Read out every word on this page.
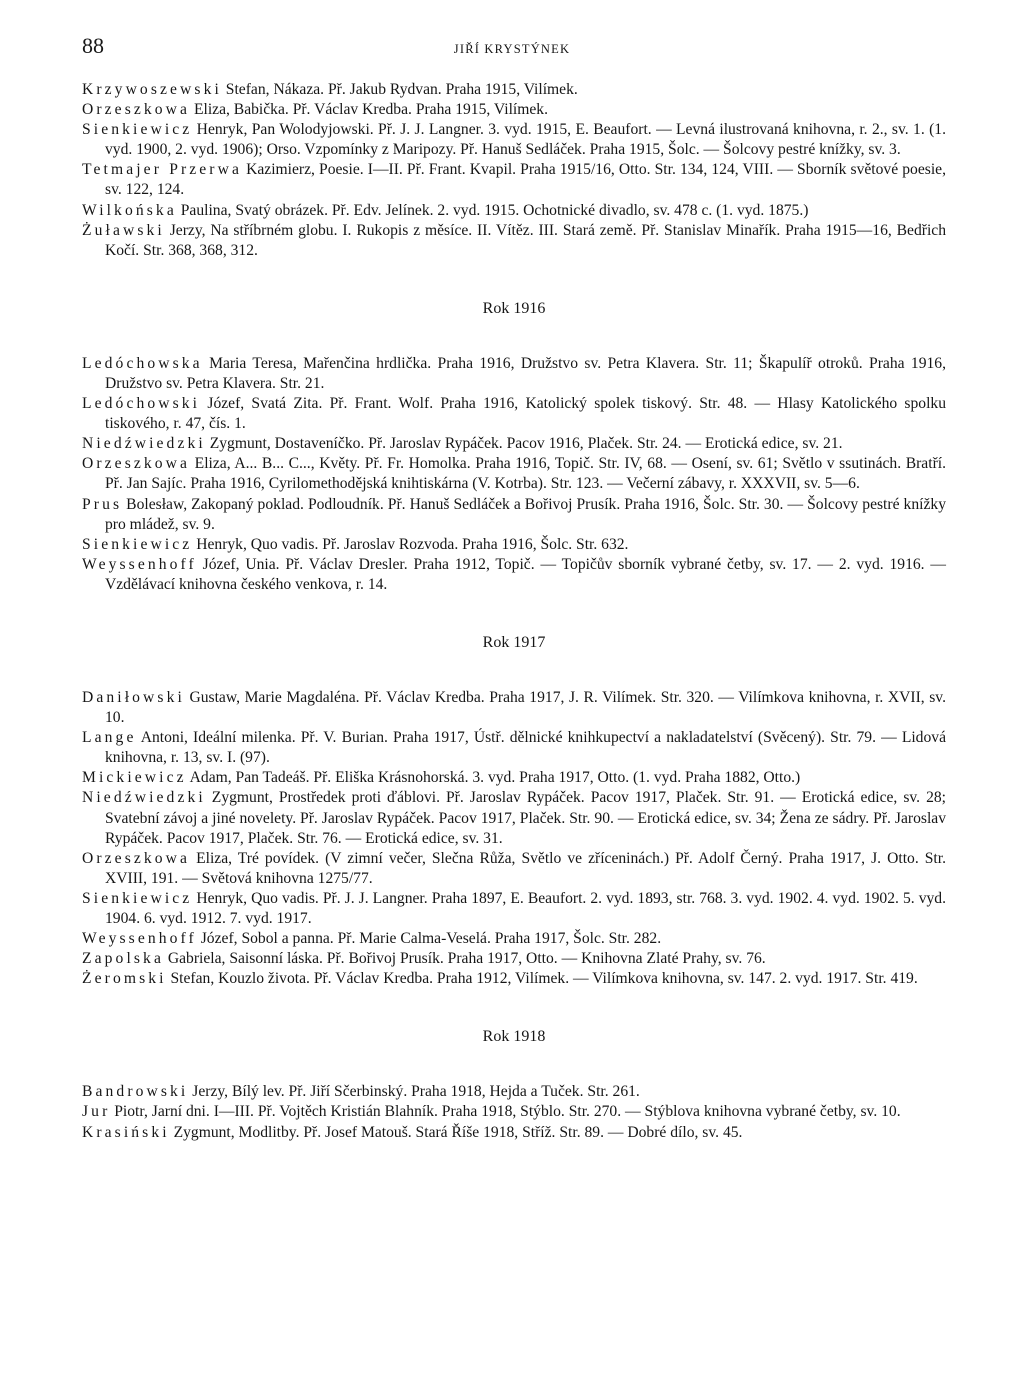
88	JIŘÍ KRYSTÝNEK

Krzywoszewski Stefan, Nákaza. Př. Jakub Rydvan. Praha 1915, Vilímek.

Orzeszkowa Eliza, Babička. Př. Václav Kredba. Praha 1915, Vilímek.

Sienkiewicz Henryk, Pan Wolodyjowski. Př. J. J. Langner. 3. vyd. 1915, E. Beaufort. — Levná ilustrovaná knihovna, r. 2., sv. 1. (1. vyd. 1900, 2. vyd. 1906); Orso. Vzpomínky z Maripozy. Př. Hanuš Sedláček. Praha 1915, Šolc. — Šolcovy pestré knížky, sv. 3.

Tetmajer Przerwa Kazimierz, Poesie. I—II. Př. Frant. Kvapil. Praha 1915/16, Otto. Str. 134, 124, VIII. — Sborník světové poesie, sv. 122, 124.

Wilkońska Paulina, Svatý obrázek. Př. Edv. Jelínek. 2. vyd. 1915. Ochotnické divadlo, sv. 478 c. (1. vyd. 1875.)

Żuławski Jerzy, Na stříbrném globu. I. Rukopis z měsíce. II. Vítěz. III. Stará země. Př. Stanislav Minařík. Praha 1915—16, Bedřich Kočí. Str. 368, 368, 312.

Rok 1916

Ledóchowska Maria Teresa, Mařenčina hrdlička. Praha 1916, Družstvo sv. Petra Klavera. Str. 11; Škapulíř otroků. Praha 1916, Družstvo sv. Petra Klavera. Str. 21.

Ledóchowski Józef, Svatá Zita. Př. Frant. Wolf. Praha 1916, Katolický spolek tiskový. Str. 48. — Hlasy Katolického spolku tiskového, r. 47, čís. 1.

Niedźwiedzki Zygmunt, Dostaveníčko. Př. Jaroslav Rypáček. Pacov 1916, Plaček. Str. 24. — Erotická edice, sv. 21.

Orzeszkowa Eliza, A... B... C..., Květy. Př. Fr. Homolka. Praha 1916, Topič. Str. IV, 68. — Osení, sv. 61; Světlo v ssutinách. Bratří. Př. Jan Sajíc. Praha 1916, Cyrilomethodějská knihtiskárna (V. Kotrba). Str. 123. — Večerní zábavy, r. XXXVII, sv. 5—6.

Prus Bolesław, Zakopaný poklad. Podloudník. Př. Hanuš Sedláček a Bořivoj Prusík. Praha 1916, Šolc. Str. 30. — Šolcovy pestré knížky pro mládež, sv. 9.

Sienkiewicz Henryk, Quo vadis. Př. Jaroslav Rozvoda. Praha 1916, Šolc. Str. 632.

Weyssenhoff Józef, Unia. Př. Václav Dresler. Praha 1912, Topič. — Topičův sborník vybrané četby, sv. 17. — 2. vyd. 1916. — Vzdělávací knihovna českého venkova, r. 14.

Rok 1917

Daniłowski Gustaw, Marie Magdaléna. Př. Václav Kredba. Praha 1917, J. R. Vilímek. Str. 320. — Vilímkova knihovna, r. XVII, sv. 10.

Lange Antoni, Ideální milenka. Př. V. Burian. Praha 1917, Ústř. dělnické knihkupectví a nakladatelství (Svěcený). Str. 79. — Lidová knihovna, r. 13, sv. I. (97).

Mickiewicz Adam, Pan Tadeáš. Př. Eliška Krásnohorská. 3. vyd. Praha 1917, Otto. (1. vyd. Praha 1882, Otto.)

Niedźwiedzki Zygmunt, Prostředek proti ďáblovi. Př. Jaroslav Rypáček. Pacov 1917, Plaček. Str. 91. — Erotická edice, sv. 28; Svatební závoj a jiné novelety. Př. Jaroslav Rypáček. Pacov 1917, Plaček. Str. 90. — Erotická edice, sv. 34; Žena ze sádry. Př. Jaroslav Rypáček. Pacov 1917, Plaček. Str. 76. — Erotická edice, sv. 31.

Orzeszkowa Eliza, Tré povídek. (V zimní večer, Slečna Růža, Světlo ve zříceninách.) Př. Adolf Černý. Praha 1917, J. Otto. Str. XVIII, 191. — Světová knihovna 1275/77.

Sienkiewicz Henryk, Quo vadis. Př. J. J. Langner. Praha 1897, E. Beaufort. 2. vyd. 1893, str. 768. 3. vyd. 1902. 4. vyd. 1902. 5. vyd. 1904. 6. vyd. 1912. 7. vyd. 1917.

Weyssenhoff Józef, Sobol a panna. Př. Marie Calma-Veselá. Praha 1917, Šolc. Str. 282.

Zapolska Gabriela, Saisonní láska. Př. Bořivoj Prusík. Praha 1917, Otto. — Knihovna Zlaté Prahy, sv. 76.

Żeromski Stefan, Kouzlo života. Př. Václav Kredba. Praha 1912, Vilímek. — Vilímkova knihovna, sv. 147. 2. vyd. 1917. Str. 419.

Rok 1918

Bandrowski Jerzy, Bílý lev. Př. Jiří Sčerbinský. Praha 1918, Hejda a Tuček. Str. 261.

Jur Piotr, Jarní dni. I—III. Př. Vojtěch Kristián Blahník. Praha 1918, Stýblo. Str. 270. — Stýblova knihovna vybrané četby, sv. 10.

Krasiński Zygmunt, Modlitby. Př. Josef Matouš. Stará Říše 1918, Stříž. Str. 89. — Dobré dílo, sv. 45.
